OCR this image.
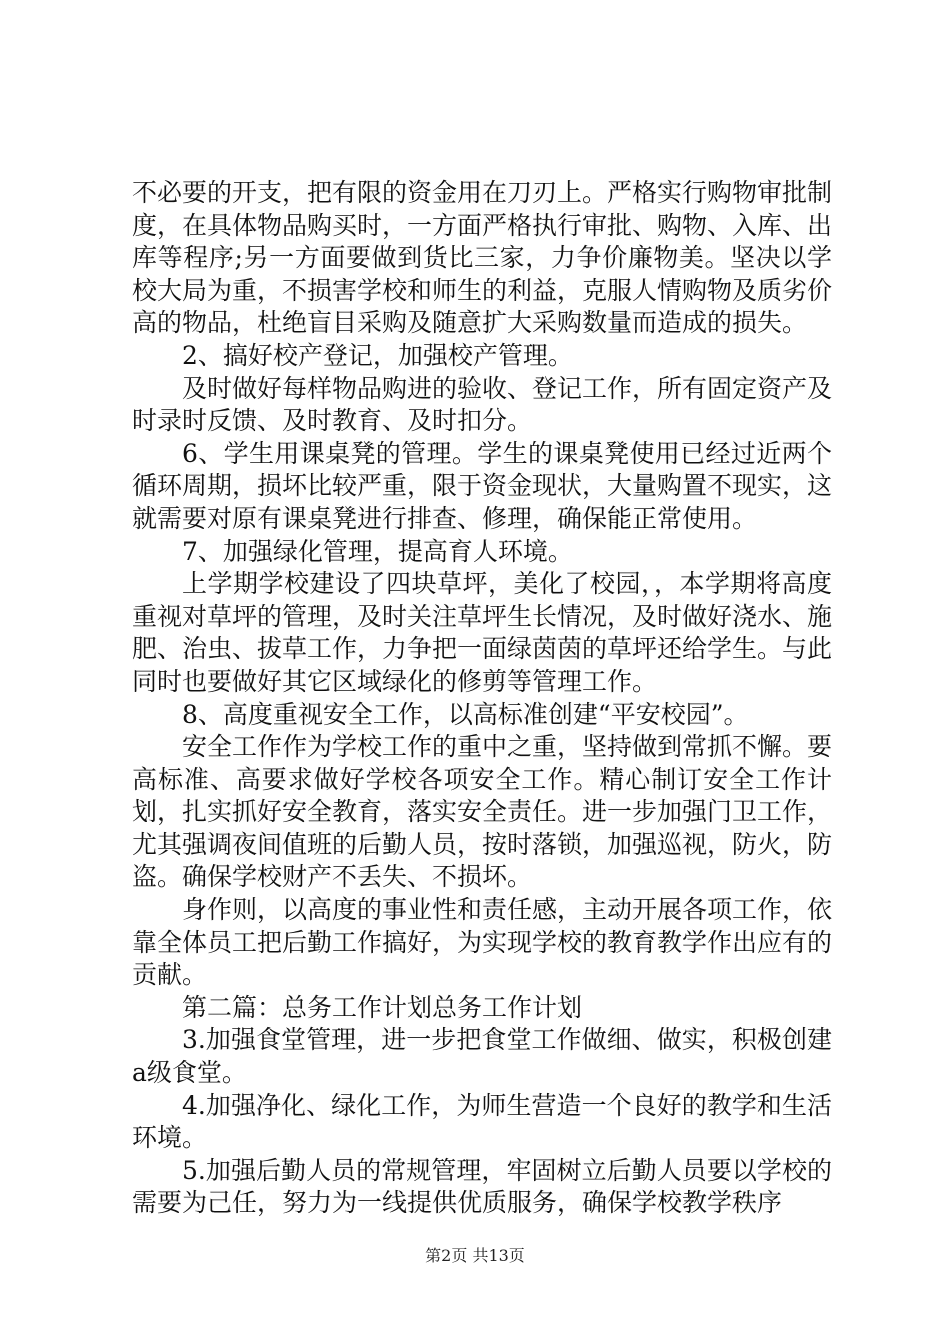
不必要的开支，把有限的资金用在刀刃上。严格实行购物审批制度，在具体物品购买时，一方面严格执行审批、购物、入库、出库等程序;另一方面要做到货比三家，力争价廉物美。坚决以学校大局为重，不损害学校和师生的利益，克服人情购物及质劣价高的物品，杜绝盲目采购及随意扩大采购数量而造成的损失。

2、搞好校产登记，加强校产管理。

及时做好每样物品购进的验收、登记工作，所有固定资产及时录时反馈、及时教育、及时扣分。

6、学生用课桌凳的管理。学生的课桌凳使用已经过近两个循环周期，损坏比较严重，限于资金现状，大量购置不现实，这就需要对原有课桌凳进行排查、修理，确保能正常使用。

7、加强绿化管理，提高育人环境。

上学期学校建设了四块草坪，美化了校园，，本学期将高度重视对草坪的管理，及时关注草坪生长情况，及时做好浇水、施肥、治虫、拔草工作，力争把一面绿茵茵的草坪还给学生。与此同时也要做好其它区域绿化的修剪等管理工作。

8、高度重视安全工作，以高标准创建“平安校园”。

安全工作作为学校工作的重中之重，坚持做到常抓不懈。要高标准、高要求做好学校各项安全工作。精心制订安全工作计划，扎实抓好安全教育，落实安全责任。进一步加强门卫工作，尤其强调夜间值班的后勤人员，按时落锁，加强巡视，防火，防盗。确保学校财产不丢失、不损坏。

身作则，以高度的事业性和责任感，主动开展各项工作，依靠全体员工把后勤工作搞好，为实现学校的教育教学作出应有的贡献。

第二篇：总务工作计划总务工作计划

3.加强食堂管理，进一步把食堂工作做细、做实，积极创建a级食堂。

4.加强净化、绿化工作，为师生营造一个良好的教学和生活环境。

5.加强后勤人员的常规管理，牢固树立后勤人员要以学校的需要为己任，努力为一线提供优质服务，确保学校教学秩序

第2页 共13页
